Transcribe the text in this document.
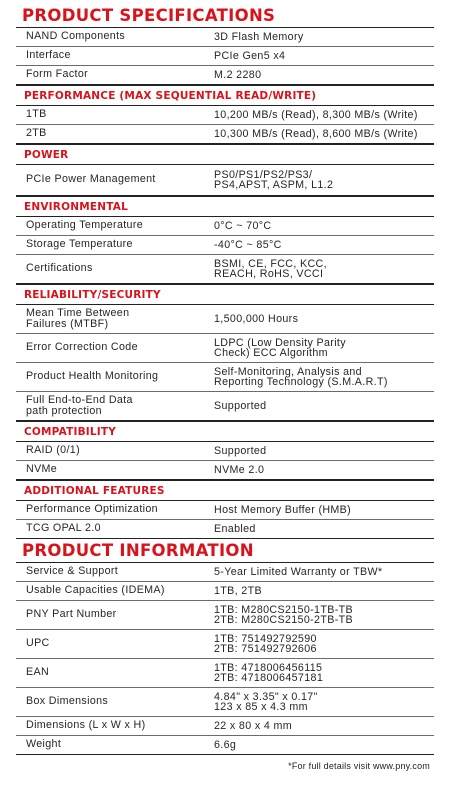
PRODUCT SPECIFICATIONS
NAND Components	3D Flash Memory
Interface	PCIe Gen5 x4
Form Factor	M.2 2280
PERFORMANCE (MAX SEQUENTIAL READ/WRITE)
1TB	10,200 MB/s (Read), 8,300 MB/s (Write)
2TB	10,300 MB/s (Read), 8,600 MB/s (Write)
POWER
PCIe Power Management	PS0/PS1/PS2/PS3/
PS4,APST, ASPM, L1.2
ENVIRONMENTAL
Operating Temperature	0°C ~ 70°C
Storage Temperature	-40°C ~ 85°C
Certifications	BSMI, CE, FCC, KCC,
REACH, RoHS, VCCI
RELIABILITY/SECURITY
Mean Time Between
Failures (MTBF)	1,500,000 Hours
Error Correction Code	LDPC (Low Density Parity
Check) ECC Algorithm
Product Health Monitoring	Self-Monitoring, Analysis and
Reporting Technology (S.M.A.R.T)
Full End-to-End Data
path protection	Supported
COMPATIBILITY
RAID (0/1)	Supported
NVMe	NVMe 2.0
ADDITIONAL FEATURES
Performance Optimization	Host Memory Buffer (HMB)
TCG OPAL 2.0	Enabled
PRODUCT INFORMATION
Service & Support	5-Year Limited Warranty or TBW*
Usable Capacities (IDEMA)	1TB, 2TB
PNY Part Number	1TB: M280CS2150-1TB-TB
2TB: M280CS2150-2TB-TB
UPC	1TB: 751492792590
2TB: 751492792606
EAN	1TB: 4718006456115
2TB: 4718006457181
Box Dimensions	4.84" x 3.35" x 0.17"
123 x 85 x 4.3 mm
Dimensions (L x W x H)	22 x 80 x 4 mm
Weight	6.6g
*For full details visit www.pny.com
